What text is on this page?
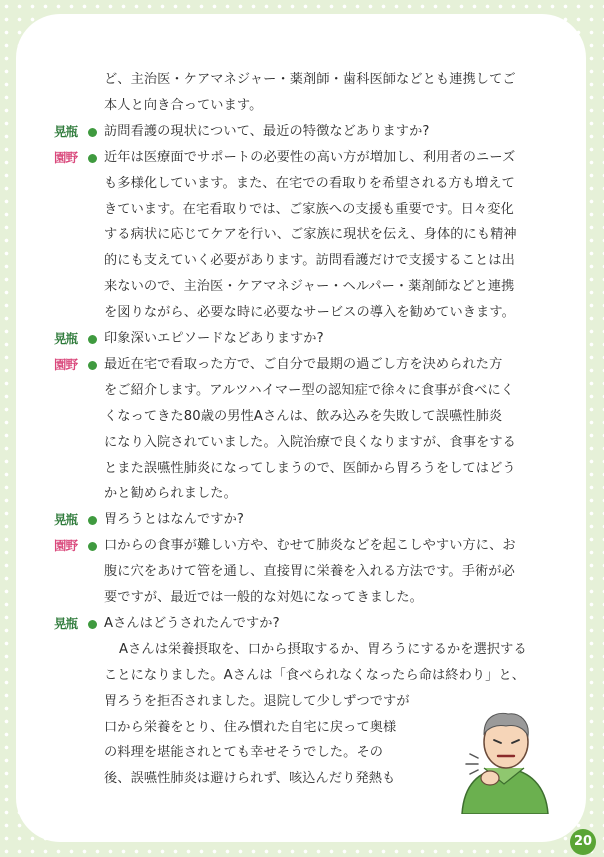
ど、主治医・ケアマネジャー・薬剤師・歯科医師などとも連携してご
本人と向き合っています。
晃瓶 訪問看護の現状について、最近の特徴などありますか?
園野 近年は医療面でサポートの必要性の高い方が増加し、利用者のニーズ
も多様化しています。また、在宅での看取りを希望される方も増えて
きています。在宅看取りでは、ご家族への支援も重要です。日々変化
する病状に応じてケアを行い、ご家族に現状を伝え、身体的にも精神
的にも支えていく必要があります。訪問看護だけで支援することは出
来ないので、主治医・ケアマネジャー・ヘルパー・薬剤師などと連携
を図りながら、必要な時に必要なサービスの導入を勧めていきます。
晃瓶 印象深いエピソードなどありますか?
園野 最近在宅で看取った方で、ご自分で最期の過ごし方を決められた方
をご紹介します。アルツハイマー型の認知症で徐々に食事が食べにく
くなってきた80歳の男性Aさんは、飲み込みを失敗して誤嚥性肺炎
になり入院されていました。入院治療で良くなりますが、食事をする
とまた誤嚥性肺炎になってしまうので、医師から胃ろうをしてはどう
かと勧められました。
晃瓶 胃ろうとはなんですか?
園野 口からの食事が難しい方や、むせて肺炎などを起こしやすい方に、お
腹に穴をあけて管を通し、直接胃に栄養を入れる方法です。手術が必
要ですが、最近では一般的な対処になってきました。
晃瓶 Aさんはどうされたんですか?
Aさんは栄養摂取を、口から摂取するか、胃ろうにするかを選択する
ことになりました。Aさんは「食べられなくなったら命は終わり」と、
胃ろうを拒否されました。退院して少しずつですが
口から栄養をとり、住み慣れた自宅に戻って奥様
の料理を堪能されとても幸せそうでした。その
後、誤嚥性肺炎は避けられず、咳込んだり発熱も
20
